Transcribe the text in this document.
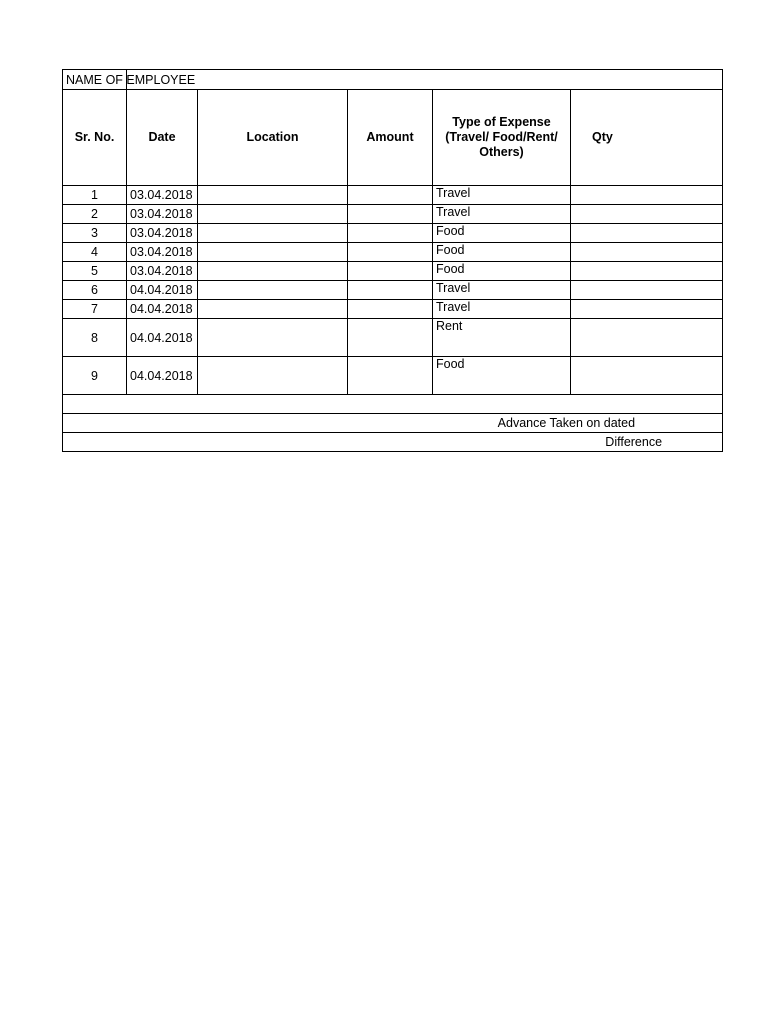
NAME OF EMPLOYEE					
Sr. No.	Date	Location	Amount	Type of Expense (Travel/ Food/Rent/ Others)	Qty
1	03.04.2018			Travel	
2	03.04.2018			Travel	
3	03.04.2018			Food	
4	03.04.2018			Food	
5	03.04.2018			Food	
6	04.04.2018			Travel	
7	04.04.2018			Travel	
8	04.04.2018			Rent	
9	04.04.2018			Food	

Advance Taken on dated					
Difference					
